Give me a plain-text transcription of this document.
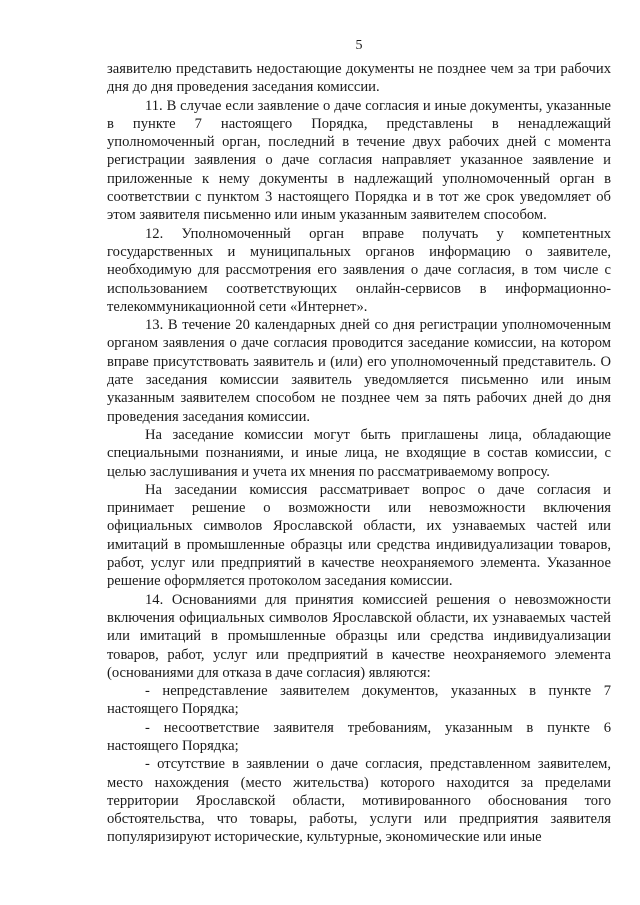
5

заявителю представить недостающие документы не позднее чем за три рабочих дня до дня проведения заседания комиссии.

11. В случае если заявление о даче согласия и иные документы, указанные в пункте 7 настоящего Порядка, представлены в ненадлежащий уполномоченный орган, последний в течение двух рабочих дней с момента регистрации заявления о даче согласия направляет указанное заявление и приложенные к нему документы в надлежащий уполномоченный орган в соответствии с пунктом 3 настоящего Порядка и в тот же срок уведомляет об этом заявителя письменно или иным указанным заявителем способом.

12. Уполномоченный орган вправе получать у компетентных государственных и муниципальных органов информацию о заявителе, необходимую для рассмотрения его заявления о даче согласия, в том числе с использованием соответствующих онлайн-сервисов в информационно-телекоммуникационной сети «Интернет».

13. В течение 20 календарных дней со дня регистрации уполномоченным органом заявления о даче согласия проводится заседание комиссии, на котором вправе присутствовать заявитель и (или) его уполномоченный представитель. О дате заседания комиссии заявитель уведомляется письменно или иным указанным заявителем способом не позднее чем за пять рабочих дней до дня проведения заседания комиссии.

На заседание комиссии могут быть приглашены лица, обладающие специальными познаниями, и иные лица, не входящие в состав комиссии, с целью заслушивания и учета их мнения по рассматриваемому вопросу.

На заседании комиссия рассматривает вопрос о даче согласия и принимает решение о возможности или невозможности включения официальных символов Ярославской области, их узнаваемых частей или имитаций в промышленные образцы или средства индивидуализации товаров, работ, услуг или предприятий в качестве неохраняемого элемента. Указанное решение оформляется протоколом заседания комиссии.

14. Основаниями для принятия комиссией решения о невозможности включения официальных символов Ярославской области, их узнаваемых частей или имитаций в промышленные образцы или средства индивидуализации товаров, работ, услуг или предприятий в качестве неохраняемого элемента (основаниями для отказа в даче согласия) являются:

- непредставление заявителем документов, указанных в пункте 7 настоящего Порядка;

- несоответствие заявителя требованиям, указанным в пункте 6 настоящего Порядка;

- отсутствие в заявлении о даче согласия, представленном заявителем, место нахождения (место жительства) которого находится за пределами территории Ярославской области, мотивированного обоснования того обстоятельства, что товары, работы, услуги или предприятия заявителя популяризируют исторические, культурные, экономические или иные
